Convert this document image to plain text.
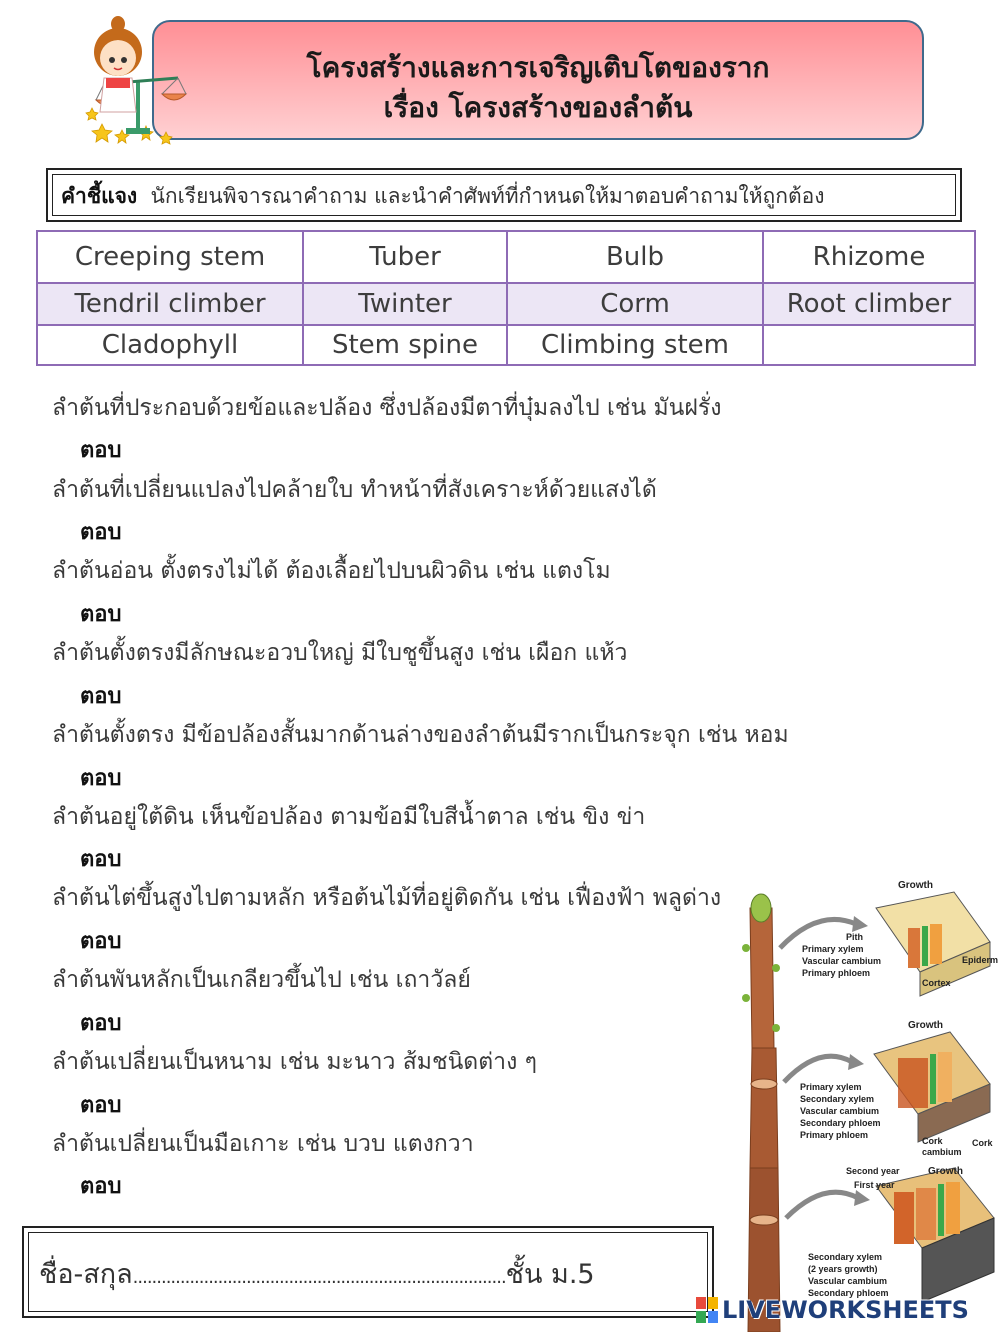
โครงสร้างและการเจริญเติบโตของราก
เรื่อง โครงสร้างของลำต้น
คำชี้แจง นักเรียนพิจารณาคำถาม และนำคำศัพท์ที่กำหนดให้มาตอบคำถามให้ถูกต้อง
Creeping stem	Tuber	Bulb	Rhizome
Tendril climber	Twinter	Corm	Root climber
Cladophyll	Stem spine	Climbing stem	
ลำต้นที่ประกอบด้วยข้อและปล้อง ซึ่งปล้องมีตาที่บุ๋มลงไป เช่น มันฝรั่ง
ตอบ
ลำต้นที่เปลี่ยนแปลงไปคล้ายใบ ทำหน้าที่สังเคราะห์ด้วยแสงได้
ตอบ
ลำต้นอ่อน ตั้งตรงไม่ได้ ต้องเลื้อยไปบนผิวดิน เช่น แตงโม
ตอบ
ลำต้นตั้งตรงมีลักษณะอวบใหญ่ มีใบชูขึ้นสูง เช่น เผือก แห้ว
ตอบ
ลำต้นตั้งตรง มีข้อปล้องสั้นมากด้านล่างของลำต้นมีรากเป็นกระจุก เช่น หอม
ตอบ
ลำต้นอยู่ใต้ดิน เห็นข้อปล้อง ตามข้อมีใบสีน้ำตาล เช่น ขิง ข่า
ตอบ
ลำต้นไต่ขึ้นสูงไปตามหลัก หรือต้นไม้ที่อยู่ติดกัน เช่น เฟื่องฟ้า พลูด่าง
ตอบ
ลำต้นพันหลักเป็นเกลียวขึ้นไป เช่น เถาวัลย์
ตอบ
ลำต้นเปลี่ยนเป็นหนาม เช่น มะนาว ส้มชนิดต่าง ๆ
ตอบ
ลำต้นเปลี่ยนเป็นมือเกาะ เช่น บวบ แตงกวา
ตอบ
ชื่อ-สกุล...............................................................................ชั้น ม.5
Growth
Pith
Primary xylem
Vascular cambium
Primary phloem
Cortex
Epiderm
Growth
Primary xylem
Secondary xylem
Vascular cambium
Secondary phloem
Primary phloem
Cork
cambium
Cork
Growth
Second year
First year
Secondary xylem
(2 years growth)
Vascular cambium
Secondary phloem
LIVEWORKSHEETS
